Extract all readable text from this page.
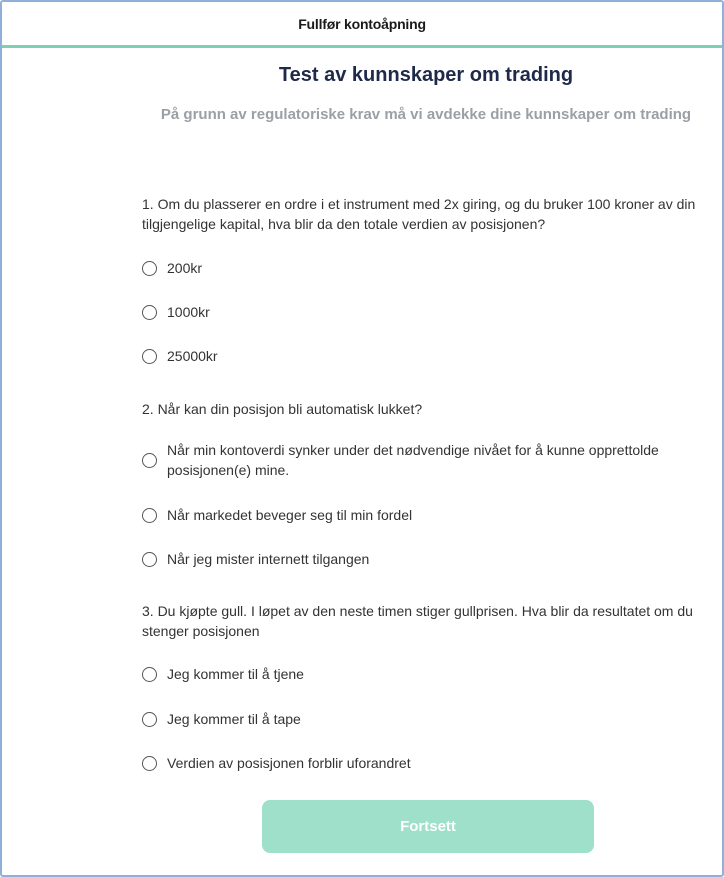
Fullfør kontoåpning
Test av kunnskaper om trading
På grunn av regulatoriske krav må vi avdekke dine kunnskaper om trading
1. Om du plasserer en ordre i et instrument med 2x giring, og du bruker 100 kroner av din tilgjengelige kapital, hva blir da den totale verdien av posisjonen?
200kr
1000kr
25000kr
2. Når kan din posisjon bli automatisk lukket?
Når min kontoverdi synker under det nødvendige nivået for å kunne opprettolde posisjonen(e) mine.
Når markedet beveger seg til min fordel
Når jeg mister internett tilgangen
3. Du kjøpte gull. I løpet av den neste timen stiger gullprisen. Hva blir da resultatet om du stenger posisjonen
Jeg kommer til å tjene
Jeg kommer til å tape
Verdien av posisjonen forblir uforandret
Fortsett
